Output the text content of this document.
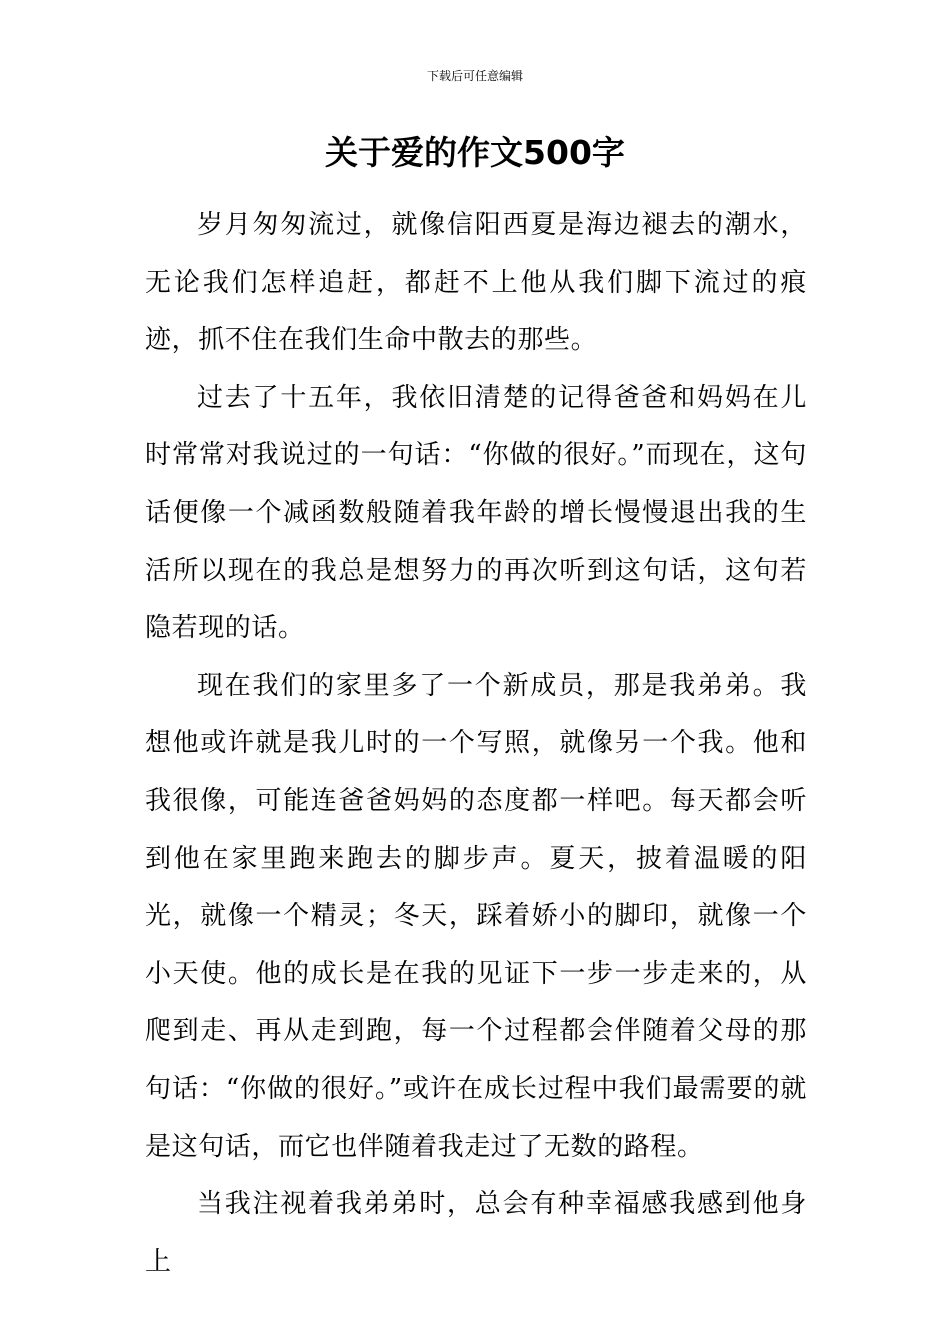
下载后可任意编辑
关于爱的作文500字

岁月匆匆流过，就像信阳西夏是海边褪去的潮水，无论我们怎样追赶，都赶不上他从我们脚下流过的痕迹，抓不住在我们生命中散去的那些。

过去了十五年，我依旧清楚的记得爸爸和妈妈在儿时常常对我说过的一句话：“你做的很好。”而现在，这句话便像一个减函数般随着我年龄的增长慢慢退出我的生活所以现在的我总是想努力的再次听到这句话，这句若隐若现的话。

现在我们的家里多了一个新成员，那是我弟弟。我想他或许就是我儿时的一个写照，就像另一个我。他和我很像，可能连爸爸妈妈的态度都一样吧。每天都会听到他在家里跑来跑去的脚步声。夏天，披着温暖的阳光，就像一个精灵；冬天，踩着娇小的脚印，就像一个小天使。他的成长是在我的见证下一步一步走来的，从爬到走、再从走到跑，每一个过程都会伴随着父母的那句话：“你做的很好。”或许在成长过程中我们最需要的就是这句话，而它也伴随着我走过了无数的路程。

当我注视着我弟弟时，总会有种幸福感我感到他身上
